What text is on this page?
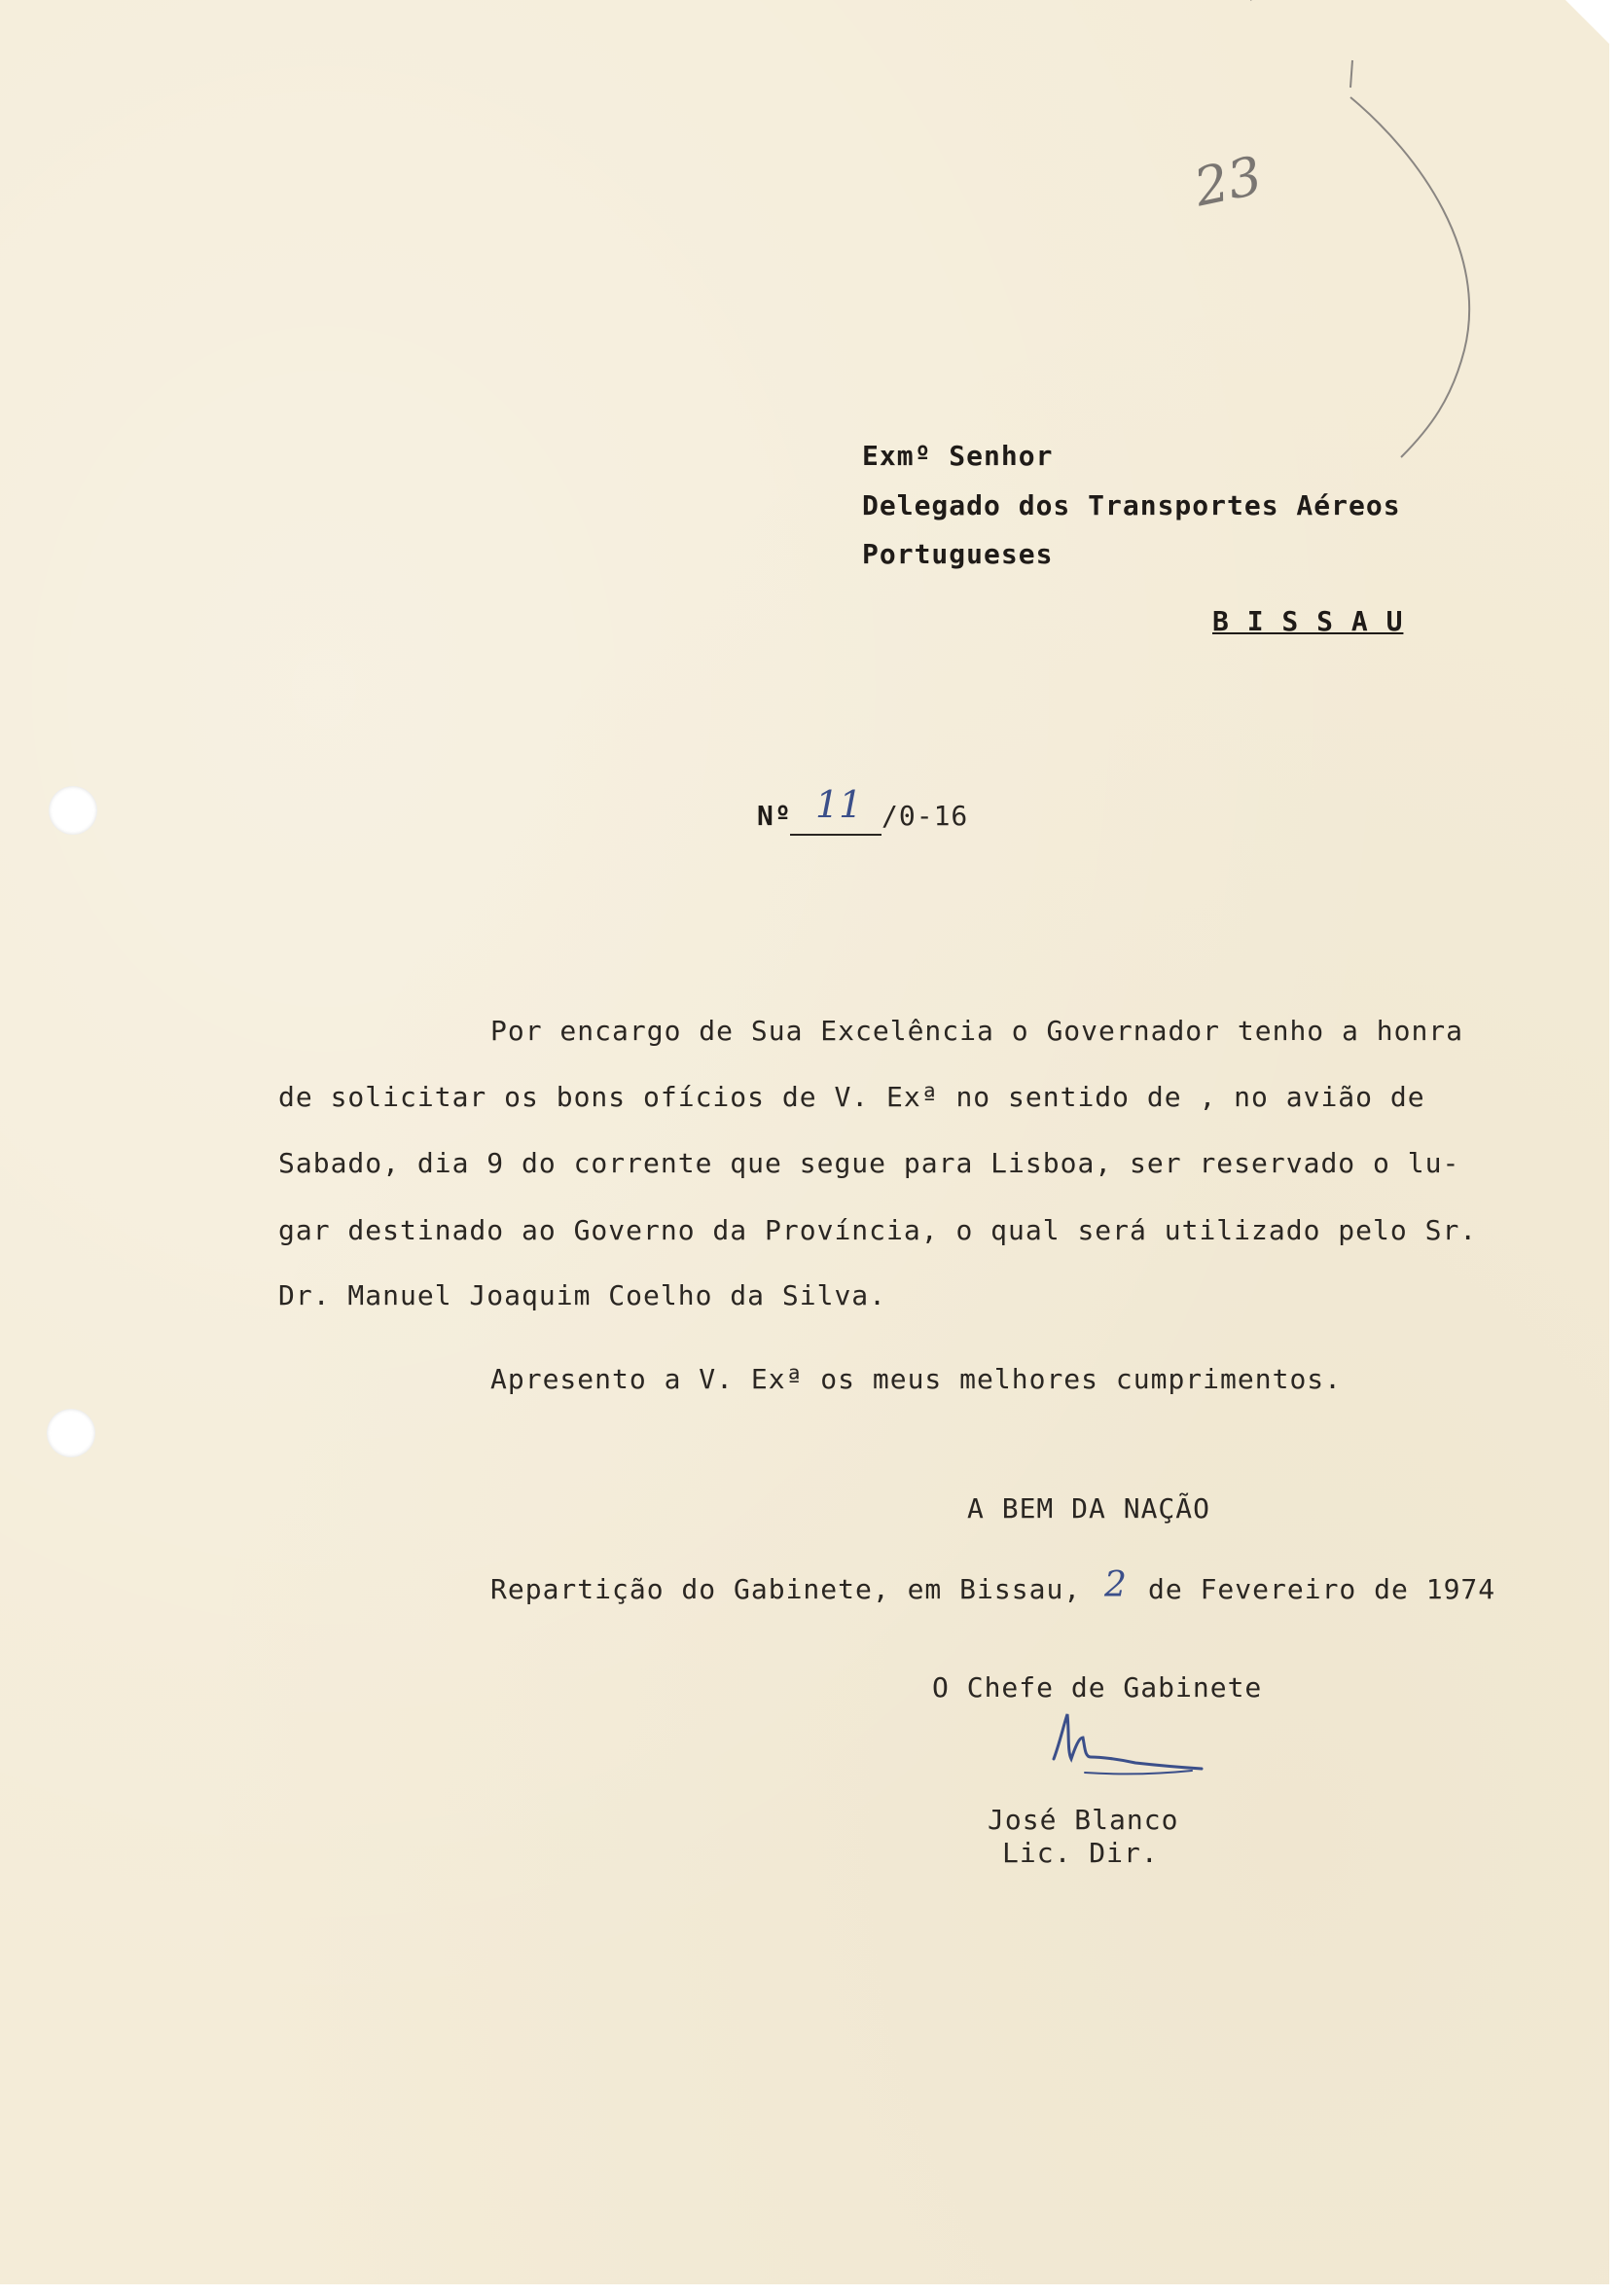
23
Exmº Senhor
Delegado dos Transportes Aéreos
Portugueses
B I S S A U
Nº 11 /0-16
Por encargo de Sua Excelência o Governador tenho a honra
de solicitar os bons ofícios de V. Exª no sentido de , no avião de
Sabado, dia 9 do corrente que segue para Lisboa, ser reservado o lu-
gar destinado ao Governo da Província, o qual será utilizado pelo Sr.
Dr. Manuel Joaquim Coelho da Silva.
Apresento a V. Exª os meus melhores cumprimentos.
A BEM DA NAÇÃO
Repartição do Gabinete, em Bissau, 2 de Fevereiro de 1974
O Chefe de Gabinete
José Blanco
Lic. Dir.
